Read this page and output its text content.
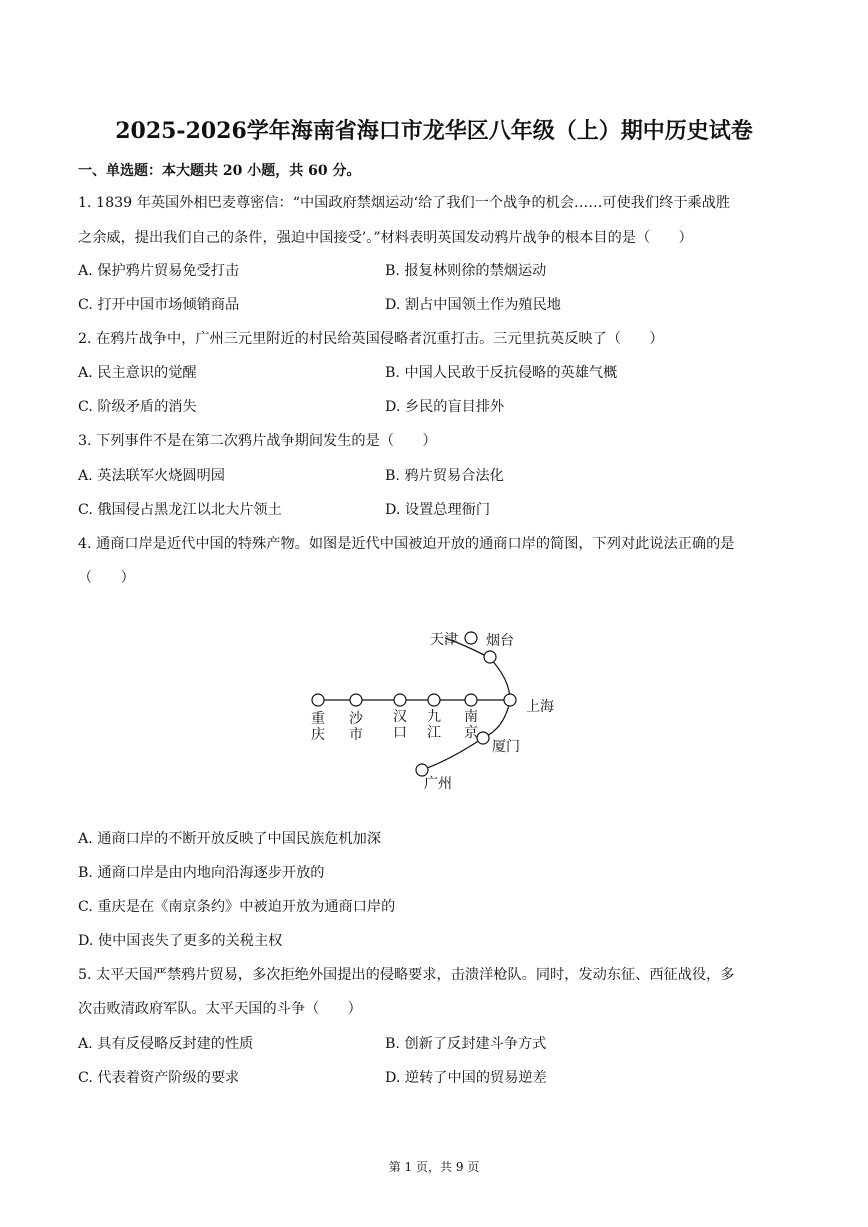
2025-2026学年海南省海口市龙华区八年级（上）期中历史试卷
一、单选题：本大题共 20 小题，共 60 分。
1. 1839 年英国外相巴麦尊密信：“中国政府禁烟运动‘给了我们一个战争的机会……可使我们终于乘战胜
之余威，提出我们自己的条件，强迫中国接受’。”材料表明英国发动鸦片战争的根本目的是（　　）
A. 保护鸦片贸易免受打击	B. 报复林则徐的禁烟运动
C. 打开中国市场倾销商品	D. 割占中国领土作为殖民地
2. 在鸦片战争中，广州三元里附近的村民给英国侵略者沉重打击。三元里抗英反映了（　　）
A. 民主意识的觉醒	B. 中国人民敢于反抗侵略的英雄气概
C. 阶级矛盾的消失	D. 乡民的盲目排外
3. 下列事件不是在第二次鸦片战争期间发生的是（　　）
A. 英法联军火烧圆明园	B. 鸦片贸易合法化
C. 俄国侵占黑龙江以北大片领土	D. 设置总理衙门
4. 通商口岸是近代中国的特殊产物。如图是近代中国被迫开放的通商口岸的简图，下列对此说法正确的是
（　　）
重
庆
沙
市
汉
口
九
江
南
京
天津 烟台
上海
厦门
广州
A. 通商口岸的不断开放反映了中国民族危机加深
B. 通商口岸是由内地向沿海逐步开放的
C. 重庆是在《南京条约》中被迫开放为通商口岸的
D. 使中国丧失了更多的关税主权
5. 太平天国严禁鸦片贸易，多次拒绝外国提出的侵略要求，击溃洋枪队。同时，发动东征、西征战役，多
次击败清政府军队。太平天国的斗争（　　）
A. 具有反侵略反封建的性质	B. 创新了反封建斗争方式
C. 代表着资产阶级的要求	D. 逆转了中国的贸易逆差
第 1 页，共 9 页
